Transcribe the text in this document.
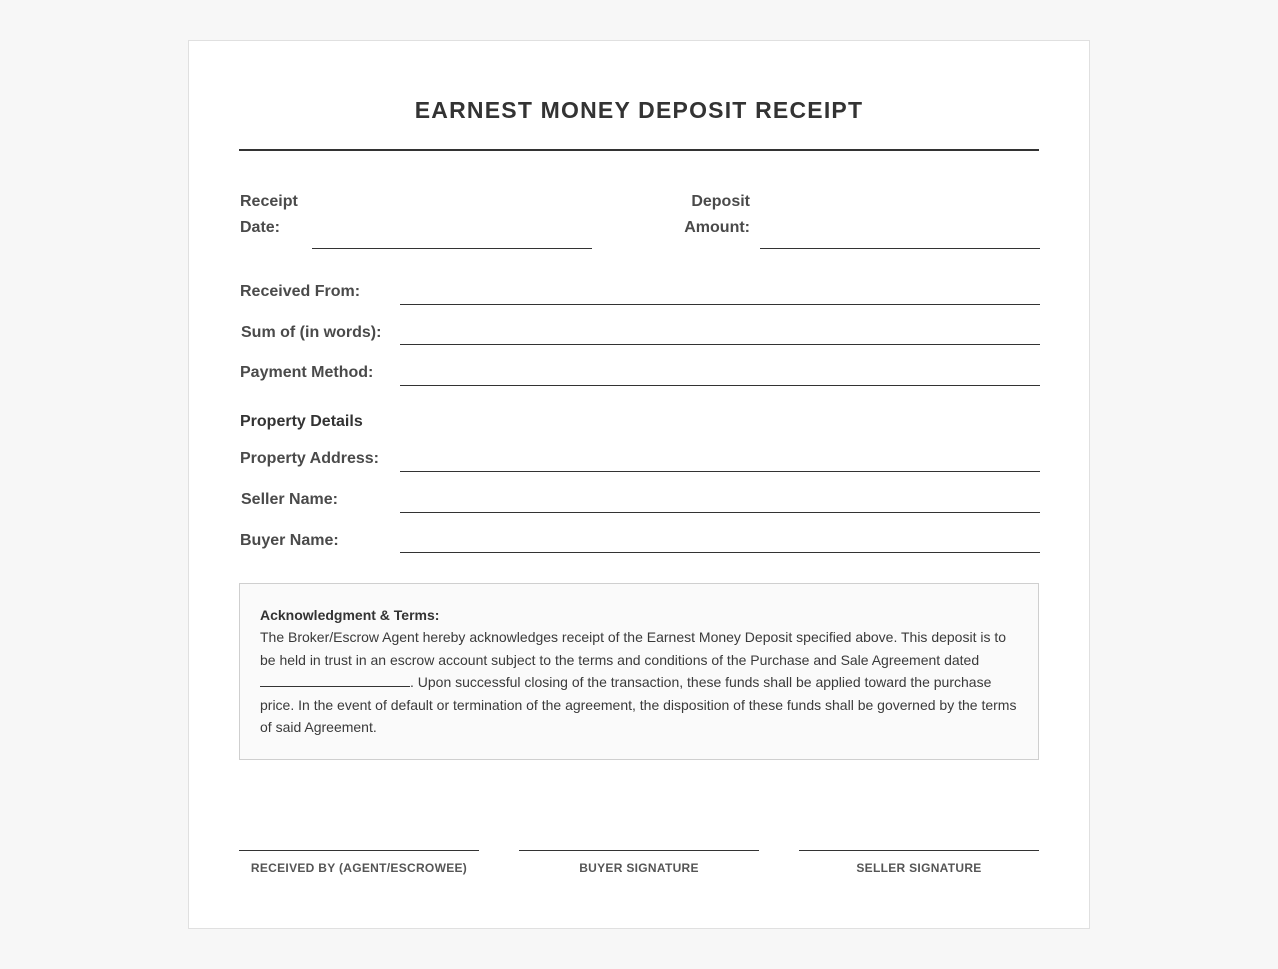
EARNEST MONEY DEPOSIT RECEIPT
Receipt
Date:
Deposit
Amount:
Received From:
Sum of (in words):
Payment Method:
Property Details
Property Address:
Seller Name:
Buyer Name:
Acknowledgment & Terms:
The Broker/Escrow Agent hereby acknowledges receipt of the Earnest Money Deposit specified above. This deposit is to be held in trust in an escrow account subject to the terms and conditions of the Purchase and Sale Agreement dated . Upon successful closing of the transaction, these funds shall be applied toward the purchase price. In the event of default or termination of the agreement, the disposition of these funds shall be governed by the terms of said Agreement.
RECEIVED BY (AGENT/ESCROWEE)	BUYER SIGNATURE	SELLER SIGNATURE
